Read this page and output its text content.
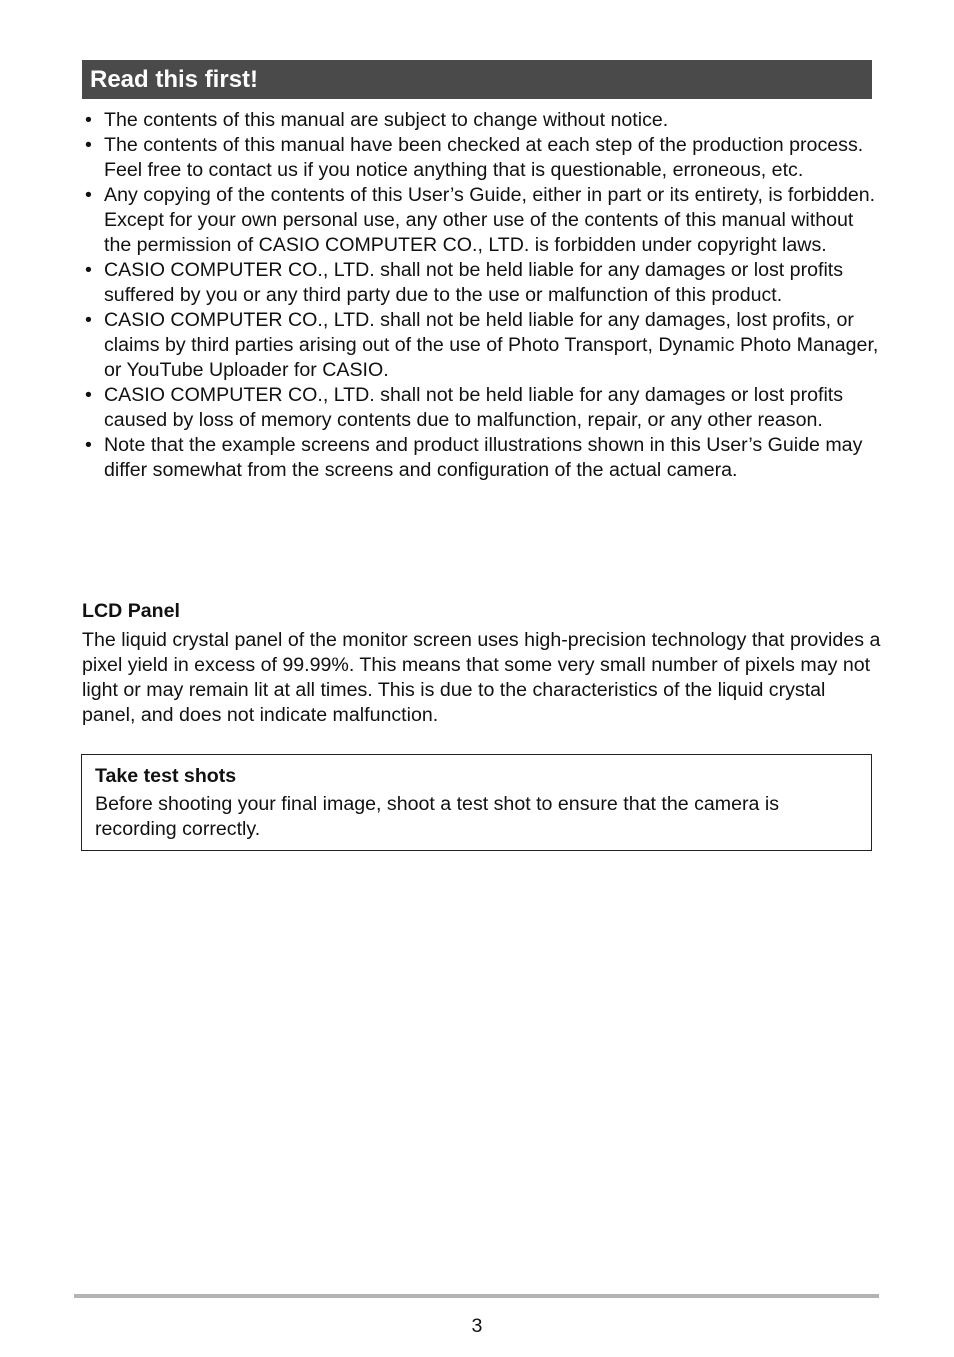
Read this first!
• The contents of this manual are subject to change without notice.
• The contents of this manual have been checked at each step of the production process. Feel free to contact us if you notice anything that is questionable, erroneous, etc.
• Any copying of the contents of this User’s Guide, either in part or its entirety, is forbidden. Except for your own personal use, any other use of the contents of this manual without the permission of CASIO COMPUTER CO., LTD. is forbidden under copyright laws.
• CASIO COMPUTER CO., LTD. shall not be held liable for any damages or lost profits suffered by you or any third party due to the use or malfunction of this product.
• CASIO COMPUTER CO., LTD. shall not be held liable for any damages, lost profits, or claims by third parties arising out of the use of Photo Transport, Dynamic Photo Manager, or YouTube Uploader for CASIO.
• CASIO COMPUTER CO., LTD. shall not be held liable for any damages or lost profits caused by loss of memory contents due to malfunction, repair, or any other reason.
• Note that the example screens and product illustrations shown in this User’s Guide may differ somewhat from the screens and configuration of the actual camera.
LCD Panel

The liquid crystal panel of the monitor screen uses high-precision technology that provides a pixel yield in excess of 99.99%. This means that some very small number of pixels may not light or may remain lit at all times. This is due to the characteristics of the liquid crystal panel, and does not indicate malfunction.

Take test shots

Before shooting your final image, shoot a test shot to ensure that the camera is recording correctly.

3
